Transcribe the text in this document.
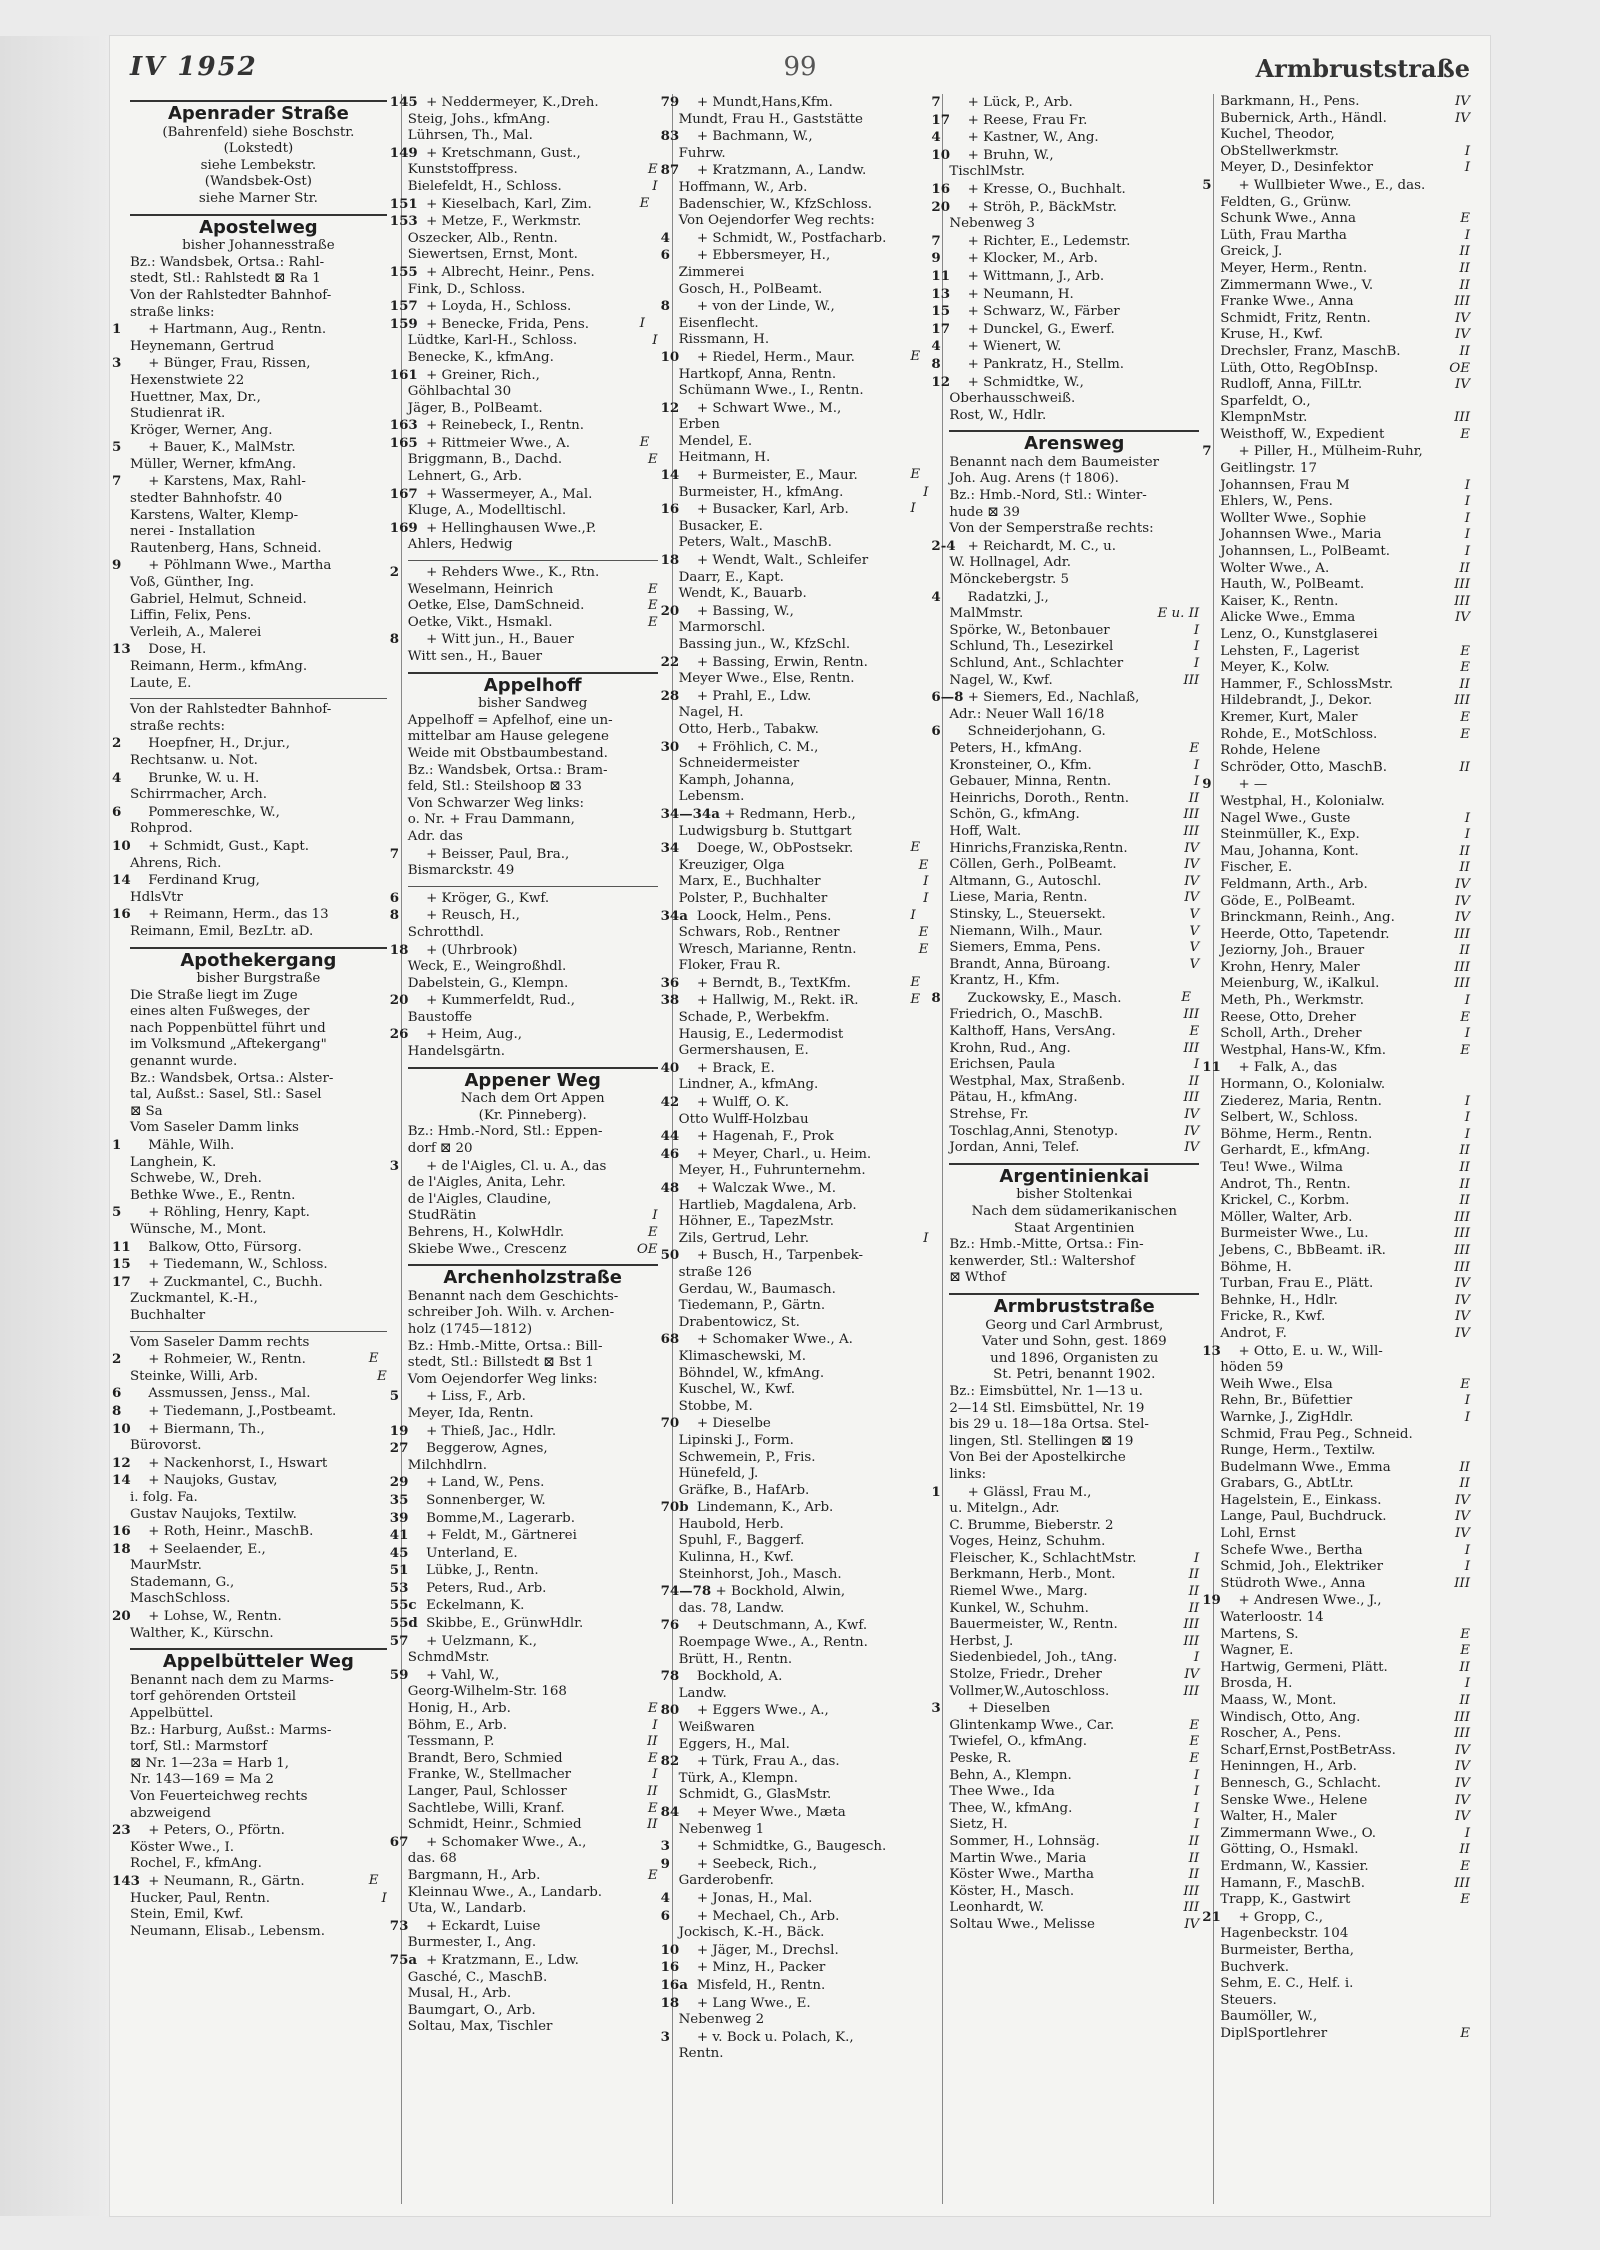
IV 1952	99	Armbruststraße
Apenrader Straße
(Bahrenfeld) siehe Boschstr.
(Lokstedt)
siehe Lembekstr.
(Wandsbek-Ost)
siehe Marner Str.
Apostelweg
bisher Johannesstraße
Bz.: Wandsbek, Ortsa.: Rahl-
stedt, Stl.: Rahlstedt ⊠ Ra 1
Von der Rahlstedter Bahnhof-
straße links:
1 + Hartmann, Aug., Rentn.
Heynemann, Gertrud
3 + Bünger, Frau, Rissen,
Hexenstwiete 22
Huettner, Max, Dr.,
Studienrat iR.
Kröger, Werner, Ang.
5 + Bauer, K., MalMstr.
Müller, Werner, kfmAng.
7 + Karstens, Max, Rahl-
stedter Bahnhofstr. 40
Karstens, Walter, Klemp-
nerei - Installation
Rautenberg, Hans, Schneid.
9 + Pöhlmann Wwe., Martha
Voß, Günther, Ing.
Gabriel, Helmut, Schneid.
Liffin, Felix, Pens.
Verleih, A., Malerei
13 Dose, H.
Reimann, Herm., kfmAng.
Laute, E.
Von der Rahlstedter Bahnhof-
straße rechts:
2 Hoepfner, H., Dr.jur.,
Rechtsanw. u. Not.
4 Brunke, W. u. H.
Schirrmacher, Arch.
6 Pommereschke, W.,
Rohprod.
10 + Schmidt, Gust., Kapt.
Ahrens, Rich.
14 Ferdinand Krug,
HdlsVtr
16 + Reimann, Herm., das 13
Reimann, Emil, BezLtr. aD.
Apothekergang
bisher Burgstraße
Die Straße liegt im Zuge
eines alten Fußweges, der
nach Poppenbüttel führt und
im Volksmund „Aftekergang"
genannt wurde.
Bz.: Wandsbek, Ortsa.: Alster-
tal, Außst.: Sasel, Stl.: Sasel
⊠ Sa
Vom Saseler Damm links
1 Mähle, Wilh.
Langhein, K.
Schwebe, W., Dreh.
Bethke Wwe., E., Rentn.
5 + Röhling, Henry, Kapt.
Wünsche, M., Mont.
11 Balkow, Otto, Fürsorg.
15 + Tiedemann, W., Schloss.
17 + Zuckmantel, C., Buchh.
Zuckmantel, K.-H.,
Buchhalter
Vom Saseler Damm rechts
E
2 + Rohmeier, W., Rentn.
E
Steinke, Willi, Arb.
6 Assmussen, Jenss., Mal.
8 + Tiedemann, J.,Postbeamt.
10 + Biermann, Th.,
Bürovorst.
12 + Nackenhorst, I., Hswart
14 + Naujoks, Gustav,
i. folg. Fa.
Gustav Naujoks, Textilw.
16 + Roth, Heinr., MaschB.
18 + Seelaender, E.,
MaurMstr.
Stademann, G.,
MaschSchloss.
20 + Lohse, W., Rentn.
Walther, K., Kürschn.
Appelbütteler Weg
Benannt nach dem zu Marms-
torf gehörenden Ortsteil
Appelbüttel.
Bz.: Harburg, Außst.: Marms-
torf, Stl.: Marmstorf
⊠ Nr. 1—23a = Harb 1,
Nr. 143—169 = Ma 2
Von Feuerteichweg rechts
abzweigend
23 + Peters, O., Pförtn.
Köster Wwe., I.
Rochel, F., kfmAng.
E
143 + Neumann, R., Gärtn.
I
Hucker, Paul, Rentn.
Stein, Emil, Kwf.
Neumann, Elisab., Lebensm.
145 + Neddermeyer, K.,Dreh.
Steig, Johs., kfmAng.
Lührsen, Th., Mal.
149 + Kretschmann, Gust.,
E
Kunststoffpress.
I
Bielefeldt, H., Schloss.
E
151 + Kieselbach, Karl, Zim.
153 + Metze, F., Werkmstr.
Oszecker, Alb., Rentn.
Siewertsen, Ernst, Mont.
155 + Albrecht, Heinr., Pens.
Fink, D., Schloss.
157 + Loyda, H., Schloss.
I
159 + Benecke, Frida, Pens.
I
Lüdtke, Karl-H., Schloss.
Benecke, K., kfmAng.
161 + Greiner, Rich.,
Göhlbachtal 30
Jäger, B., PolBeamt.
163 + Reinebeck, I., Rentn.
E
165 + Rittmeier Wwe., A.
E
Briggmann, B., Dachd.
Lehnert, G., Arb.
167 + Wassermeyer, A., Mal.
Kluge, A., Modelltischl.
169 + Hellinghausen Wwe.,P.
Ahlers, Hedwig
2 + Rehders Wwe., K., Rtn.
E
Weselmann, Heinrich
E
Oetke, Else, DamSchneid.
E
Oetke, Vikt., Hsmakl.
8 + Witt jun., H., Bauer
Witt sen., H., Bauer
Appelhoff
bisher Sandweg
Appelhoff = Apfelhof, eine un-
mittelbar am Hause gelegene
Weide mit Obstbaumbestand.
Bz.: Wandsbek, Ortsa.: Bram-
feld, Stl.: Steilshoop ⊠ 33
Von Schwarzer Weg links:
o. Nr. + Frau Dammann,
Adr. das
7 + Beisser, Paul, Bra.,
Bismarckstr. 49
6 + Kröger, G., Kwf.
8 + Reusch, H.,
Schrotthdl.
18 + (Uhrbrook)
Weck, E., Weingroßhdl.
Dabelstein, G., Klempn.
20 + Kummerfeldt, Rud.,
Baustoffe
26 + Heim, Aug.,
Handelsgärtn.
Appener Weg
Nach dem Ort Appen
(Kr. Pinneberg).
Bz.: Hmb.-Nord, Stl.: Eppen-
dorf ⊠ 20
3 + de l'Aigles, Cl. u. A., das
de l'Aigles, Anita, Lehr.
de l'Aigles, Claudine,
I
StudRätin
E
Behrens, H., KolwHdlr.
OE
Skiebe Wwe., Crescenz
Archenholzstraße
Benannt nach dem Geschichts-
schreiber Joh. Wilh. v. Archen-
holz (1745—1812)
Bz.: Hmb.-Mitte, Ortsa.: Bill-
stedt, Stl.: Billstedt ⊠ Bst 1
Vom Oejendorfer Weg links:
5 + Liss, F., Arb.
Meyer, Ida, Rentn.
19 + Thieß, Jac., Hdlr.
27 Beggerow, Agnes,
Milchhdlrn.
29 + Land, W., Pens.
35 Sonnenberger, W.
39 Bomme,M., Lagerarb.
41 + Feldt, M., Gärtnerei
45 Unterland, E.
51 Lübke, J., Rentn.
53 Peters, Rud., Arb.
55c Eckelmann, K.
55d Skibbe, E., GrünwHdlr.
57 + Uelzmann, K.,
SchmdMstr.
59 + Vahl, W.,
Georg-Wilhelm-Str. 168
E
Honig, H., Arb.
I
Böhm, E., Arb.
II
Tessmann, P.
E
Brandt, Bero, Schmied
I
Franke, W., Stellmacher
II
Langer, Paul, Schlosser
E
Sachtlebe, Willi, Kranf.
II
Schmidt, Heinr., Schmied
67 + Schomaker Wwe., A.,
das. 68
E
Bargmann, H., Arb.
Kleinnau Wwe., A., Landarb.
Uta, W., Landarb.
73 + Eckardt, Luise
Burmester, I., Ang.
75a + Kratzmann, E., Ldw.
Gasché, C., MaschB.
Musal, H., Arb.
Baumgart, O., Arb.
Soltau, Max, Tischler
79 + Mundt,Hans,Kfm.
Mundt, Frau H., Gaststätte
83 + Bachmann, W.,
Fuhrw.
87 + Kratzmann, A., Landw.
Hoffmann, W., Arb.
Badenschier, W., KfzSchloss.
Von Oejendorfer Weg rechts:
4 + Schmidt, W., Postfacharb.
6 + Ebbersmeyer, H.,
Zimmerei
Gosch, H., PolBeamt.
8 + von der Linde, W.,
Eisenflecht.
Rissmann, H.
E
10 + Riedel, Herm., Maur.
Hartkopf, Anna, Rentn.
Schümann Wwe., I., Rentn.
12 + Schwart Wwe., M.,
Erben
Mendel, E.
Heitmann, H.
E
14 + Burmeister, E., Maur.
I
Burmeister, H., kfmAng.
I
16 + Busacker, Karl, Arb.
Busacker, E.
Peters, Walt., MaschB.
18 + Wendt, Walt., Schleifer
Daarr, E., Kapt.
Wendt, K., Bauarb.
20 + Bassing, W.,
Marmorschl.
Bassing jun., W., KfzSchl.
22 + Bassing, Erwin, Rentn.
Meyer Wwe., Else, Rentn.
28 + Prahl, E., Ldw.
Nagel, H.
Otto, Herb., Tabakw.
30 + Fröhlich, C. M.,
Schneidermeister
Kamph, Johanna,
Lebensm.
34—34a + Redmann, Herb.,
Ludwigsburg b. Stuttgart
E
34 Doege, W., ObPostsekr.
E
Kreuziger, Olga
I
Marx, E., Buchhalter
I
Polster, P., Buchhalter
I
34a Loock, Helm., Pens.
E
Schwars, Rob., Rentner
E
Wresch, Marianne, Rentn.
Floker, Frau R.
E
36 + Berndt, B., TextKfm.
E
38 + Hallwig, M., Rekt. iR.
Schade, P., Werbekfm.
Hausig, E., Ledermodist
Germershausen, E.
40 + Brack, E.
Lindner, A., kfmAng.
42 + Wulff, O. K.
Otto Wulff-Holzbau
44 + Hagenah, F., Prok
46 + Meyer, Charl., u. Heim.
Meyer, H., Fuhrunternehm.
48 + Walczak Wwe., M.
Hartlieb, Magdalena, Arb.
Höhner, E., TapezMstr.
I
Zils, Gertrud, Lehr.
50 + Busch, H., Tarpenbek-
straße 126
Gerdau, W., Baumasch.
Tiedemann, P., Gärtn.
Drabentowicz, St.
68 + Schomaker Wwe., A.
Klimaschewski, M.
Böhndel, W., kfmAng.
Kuschel, W., Kwf.
Stobbe, M.
70 + Dieselbe
Lipinski J., Form.
Schwemein, P., Fris.
Hünefeld, J.
Gräfke, B., HafArb.
70b Lindemann, K., Arb.
Haubold, Herb.
Spuhl, F., Baggerf.
Kulinna, H., Kwf.
Steinhorst, Joh., Masch.
74—78 + Bockhold, Alwin,
das. 78, Landw.
76 + Deutschmann, A., Kwf.
Roempage Wwe., A., Rentn.
Brütt, H., Rentn.
78 Bockhold, A.
Landw.
80 + Eggers Wwe., A.,
Weißwaren
Eggers, H., Mal.
82 + Türk, Frau A., das.
Türk, A., Klempn.
Schmidt, G., GlasMstr.
84 + Meyer Wwe., Mæta
Nebenweg 1
3 + Schmidtke, G., Baugesch.
9 + Seebeck, Rich.,
Garderobenfr.
4 + Jonas, H., Mal.
6 + Mechael, Ch., Arb.
Jockisch, K.-H., Bäck.
10 + Jäger, M., Drechsl.
16 + Minz, H., Packer
16a Misfeld, H., Rentn.
18 + Lang Wwe., E.
Nebenweg 2
3 + v. Bock u. Polach, K.,
Rentn.
7 + Lück, P., Arb.
17 + Reese, Frau Fr.
4 + Kastner, W., Ang.
10 + Bruhn, W.,
TischlMstr.
16 + Kresse, O., Buchhalt.
20 + Ströh, P., BäckMstr.
Nebenweg 3
7 + Richter, E., Ledemstr.
9 + Klocker, M., Arb.
11 + Wittmann, J., Arb.
13 + Neumann, H.
15 + Schwarz, W., Färber
17 + Dunckel, G., Ewerf.
4 + Wienert, W.
8 + Pankratz, H., Stellm.
12 + Schmidtke, W.,
Oberhausschweiß.
Rost, W., Hdlr.
Arensweg
Benannt nach dem Baumeister
Joh. Aug. Arens († 1806).
Bz.: Hmb.-Nord, Stl.: Winter-
hude ⊠ 39
Von der Semperstraße rechts:
2-4 + Reichardt, M. C., u.
W. Hollnagel, Adr.
Mönckebergstr. 5
4 Radatzki, J.,
E u. II
MalMmstr.
I
Spörke, W., Betonbauer
I
Schlund, Th., Lesezirkel
I
Schlund, Ant., Schlachter
III
Nagel, W., Kwf.
6—8 + Siemers, Ed., Nachlaß,
Adr.: Neuer Wall 16/18
6 Schneiderjohann, G.
E
Peters, H., kfmAng.
I
Kronsteiner, O., Kfm.
I
Gebauer, Minna, Rentn.
II
Heinrichs, Doroth., Rentn.
III
Schön, G., kfmAng.
III
Hoff, Walt.
IV
Hinrichs,Franziska,Rentn.
IV
Cöllen, Gerh., PolBeamt.
IV
Altmann, G., Autoschl.
IV
Liese, Maria, Rentn.
V
Stinsky, L., Steuersekt.
V
Niemann, Wilh., Maur.
V
Siemers, Emma, Pens.
V
Brandt, Anna, Büroang.
Krantz, H., Kfm.
E
8 Zuckowsky, E., Masch.
III
Friedrich, O., MaschB.
E
Kalthoff, Hans, VersAng.
III
Krohn, Rud., Ang.
I
Erichsen, Paula
II
Westphal, Max, Straßenb.
III
Pätau, H., kfmAng.
IV
Strehse, Fr.
IV
Toschlag,Anni, Stenotyp.
IV
Jordan, Anni, Telef.
Argentinienkai
bisher Stoltenkai
Nach dem südamerikanischen
Staat Argentinien
Bz.: Hmb.-Mitte, Ortsa.: Fin-
kenwerder, Stl.: Waltershof
⊠ Wthof
Armbruststraße
Georg und Carl Armbrust,
Vater und Sohn, gest. 1869
und 1896, Organisten zu
St. Petri, benannt 1902.
Bz.: Eimsbüttel, Nr. 1—13 u.
2—14 Stl. Eimsbüttel, Nr. 19
bis 29 u. 18—18a Ortsa. Stel-
lingen, Stl. Stellingen ⊠ 19
Von Bei der Apostelkirche
links:
1 + Glässl, Frau M.,
u. Mitelgn., Adr.
C. Brumme, Bieberstr. 2
Voges, Heinz, Schuhm.
I
Fleischer, K., SchlachtMstr.
II
Berkmann, Herb., Mont.
II
Riemel Wwe., Marg.
II
Kunkel, W., Schuhm.
III
Bauermeister, W., Rentn.
III
Herbst, J.
I
Siedenbiedel, Joh., tAng.
IV
Stolze, Friedr., Dreher
III
Vollmer,W.,Autoschloss.
3 + Dieselben
E
Glintenkamp Wwe., Car.
E
Twiefel, O., kfmAng.
E
Peske, R.
I
Behn, A., Klempn.
I
Thee Wwe., Ida
I
Thee, W., kfmAng.
I
Sietz, H.
II
Sommer, H., Lohnsäg.
II
Martin Wwe., Maria
II
Köster Wwe., Martha
III
Köster, H., Masch.
III
Leonhardt, W.
IV
Soltau Wwe., Melisse
IV
Barkmann, H., Pens.
IV
Bubernick, Arth., Händl.
Kuchel, Theodor,
I
ObStellwerkmstr.
I
Meyer, D., Desinfektor
5 + Wullbieter Wwe., E., das.
Feldten, G., Grünw.
E
Schunk Wwe., Anna
I
Lüth, Frau Martha
II
Greick, J.
II
Meyer, Herm., Rentn.
II
Zimmermann Wwe., V.
III
Franke Wwe., Anna
IV
Schmidt, Fritz, Rentn.
IV
Kruse, H., Kwf.
II
Drechsler, Franz, MaschB.
OE
Lüth, Otto, RegObInsp.
IV
Rudloff, Anna, FilLtr.
Sparfeldt, O.,
III
KlempnMstr.
E
Weisthoff, W., Expedient
7 + Piller, H., Mülheim-Ruhr,
Geitlingstr. 17
I
Johannsen, Frau M
I
Ehlers, W., Pens.
I
Wollter Wwe., Sophie
I
Johannsen Wwe., Maria
I
Johannsen, L., PolBeamt.
II
Wolter Wwe., A.
III
Hauth, W., PolBeamt.
III
Kaiser, K., Rentn.
IV
Alicke Wwe., Emma
Lenz, O., Kunstglaserei
E
Lehsten, F., Lagerist
E
Meyer, K., Kolw.
II
Hammer, F., SchlossMstr.
III
Hildebrandt, J., Dekor.
E
Kremer, Kurt, Maler
E
Rohde, E., MotSchloss.
Rohde, Helene
II
Schröder, Otto, MaschB.
9 + —
Westphal, H., Kolonialw.
I
Nagel Wwe., Guste
I
Steinmüller, K., Exp.
II
Mau, Johanna, Kont.
II
Fischer, E.
IV
Feldmann, Arth., Arb.
IV
Göde, E., PolBeamt.
IV
Brinckmann, Reinh., Ang.
III
Heerde, Otto, Tapetendr.
II
Jeziorny, Joh., Brauer
III
Krohn, Henry, Maler
III
Meienburg, W., iKalkul.
I
Meth, Ph., Werkmstr.
E
Reese, Otto, Dreher
I
Scholl, Arth., Dreher
E
Westphal, Hans-W., Kfm.
11 + Falk, A., das
Hormann, O., Kolonialw.
I
Ziederez, Maria, Rentn.
I
Selbert, W., Schloss.
I
Böhme, Herm., Rentn.
II
Gerhardt, E., kfmAng.
II
Teu! Wwe., Wilma
II
Androt, Th., Rentn.
II
Krickel, C., Korbm.
III
Möller, Walter, Arb.
III
Burmeister Wwe., Lu.
III
Jebens, C., BbBeamt. iR.
III
Böhme, H.
IV
Turban, Frau E., Plätt.
IV
Behnke, H., Hdlr.
IV
Fricke, R., Kwf.
IV
Androt, F.
13 + Otto, E. u. W., Will-
höden 59
E
Weih Wwe., Elsa
I
Rehn, Br., Büfettier
I
Warnke, J., ZigHdlr.
Schmid, Frau Peg., Schneid.
Runge, Herm., Textilw.
II
Budelmann Wwe., Emma
II
Grabars, G., AbtLtr.
IV
Hagelstein, E., Einkass.
IV
Lange, Paul, Buchdruck.
IV
Lohl, Ernst
I
Schefe Wwe., Bertha
I
Schmid, Joh., Elektriker
III
Stüdroth Wwe., Anna
19 + Andresen Wwe., J.,
Waterloostr. 14
E
Martens, S.
E
Wagner, E.
II
Hartwig, Germeni, Plätt.
I
Brosda, H.
II
Maass, W., Mont.
III
Windisch, Otto, Ang.
III
Roscher, A., Pens.
IV
Scharf,Ernst,PostBetrAss.
IV
Heninngen, H., Arb.
IV
Bennesch, G., Schlacht.
IV
Senske Wwe., Helene
IV
Walter, H., Maler
I
Zimmermann Wwe., O.
II
Götting, O., Hsmakl.
E
Erdmann, W., Kassier.
III
Hamann, F., MaschB.
E
Trapp, K., Gastwirt
21 + Gropp, C.,
Hagenbeckstr. 104
Burmeister, Bertha,
Buchverk.
Sehm, E. C., Helf. i.
Steuers.
Baumöller, W.,
E
DiplSportlehrer
